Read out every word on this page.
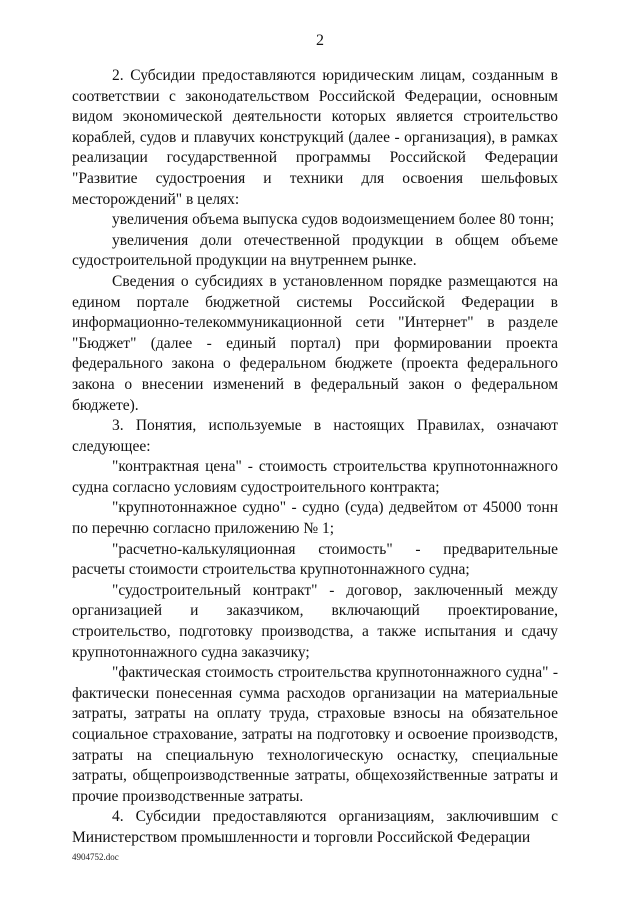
2

2. Субсидии предоставляются юридическим лицам, созданным в соответствии с законодательством Российской Федерации, основным видом экономической деятельности которых является строительство кораблей, судов и плавучих конструкций (далее - организация), в рамках реализации государственной программы Российской Федерации "Развитие судостроения и техники для освоения шельфовых месторождений" в целях:

увеличения объема выпуска судов водоизмещением более 80 тонн;

увеличения доли отечественной продукции в общем объеме судостроительной продукции на внутреннем рынке.

Сведения о субсидиях в установленном порядке размещаются на едином портале бюджетной системы Российской Федерации в информационно-телекоммуникационной сети "Интернет" в разделе "Бюджет" (далее - единый портал) при формировании проекта федерального закона о федеральном бюджете (проекта федерального закона о внесении изменений в федеральный закон о федеральном бюджете).

3. Понятия, используемые в настоящих Правилах, означают следующее:

"контрактная цена" - стоимость строительства крупнотоннажного судна согласно условиям судостроительного контракта;

"крупнотоннажное судно" - судно (суда) дедвейтом от 45000 тонн по перечню согласно приложению № 1;

"расчетно-калькуляционная стоимость" - предварительные расчеты стоимости строительства крупнотоннажного судна;

"судостроительный контракт" - договор, заключенный между организацией и заказчиком, включающий проектирование, строительство, подготовку производства, а также испытания и сдачу крупнотоннажного судна заказчику;

"фактическая стоимость строительства крупнотоннажного судна" - фактически понесенная сумма расходов организации на материальные затраты, затраты на оплату труда, страховые взносы на обязательное социальное страхование, затраты на подготовку и освоение производств, затраты на специальную технологическую оснастку, специальные затраты, общепроизводственные затраты, общехозяйственные затраты и прочие производственные затраты.

4. Субсидии предоставляются организациям, заключившим с Министерством промышленности и торговли Российской Федерации

4904752.doc
